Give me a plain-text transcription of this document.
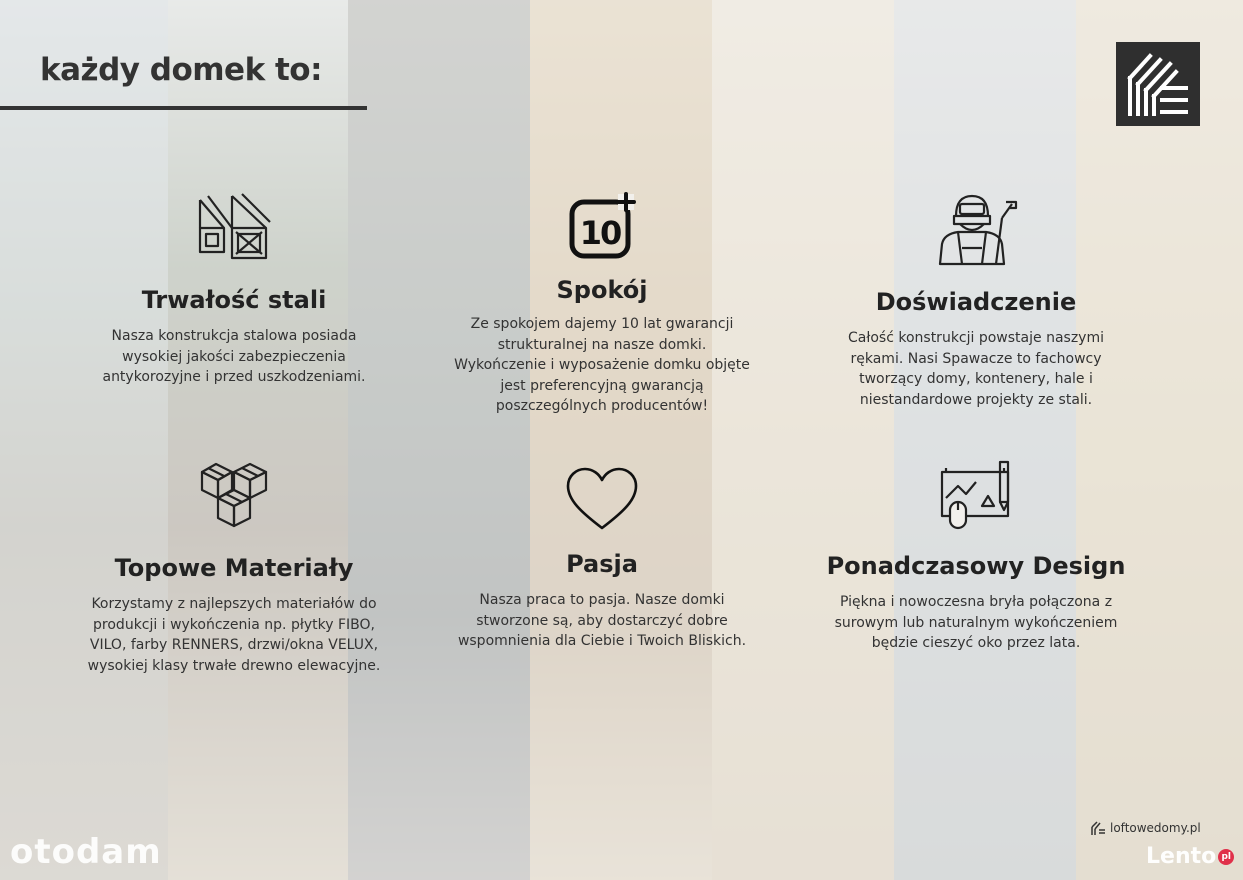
każdy domek to:
Trwałość stali

Nasza konstrukcja stalowa posiada
wysokiej jakości zabezpieczenia
antykorozyjne i przed uszkodzeniami.

10
Spokój

Ze spokojem dajemy 10 lat gwarancji
strukturalnej na nasze domki.
Wykończenie i wyposażenie domku objęte
jest preferencyjną gwarancją
poszczególnych producentów!

Doświadczenie

Całość konstrukcji powstaje naszymi
rękami. Nasi Spawacze to fachowcy
tworzący domy, kontenery, hale i
niestandardowe projekty ze stali.

Topowe Materiały

Korzystamy z najlepszych materiałów do
produkcji i wykończenia np. płytky FIBO,
VILO, farby RENNERS, drzwi/okna VELUX,
wysokiej klasy trwałe drewno elewacyjne.

Pasja

Nasza praca to pasja. Nasze domki
stworzone są, aby dostarczyć dobre
wspomnienia dla Ciebie i Twoich Bliskich.

Ponadczasowy Design

Piękna i nowoczesna bryła połączona z
surowym lub naturalnym wykończeniem
będzie cieszyć oko przez lata.

loftowedomy.pl
otodam	Lento pl
